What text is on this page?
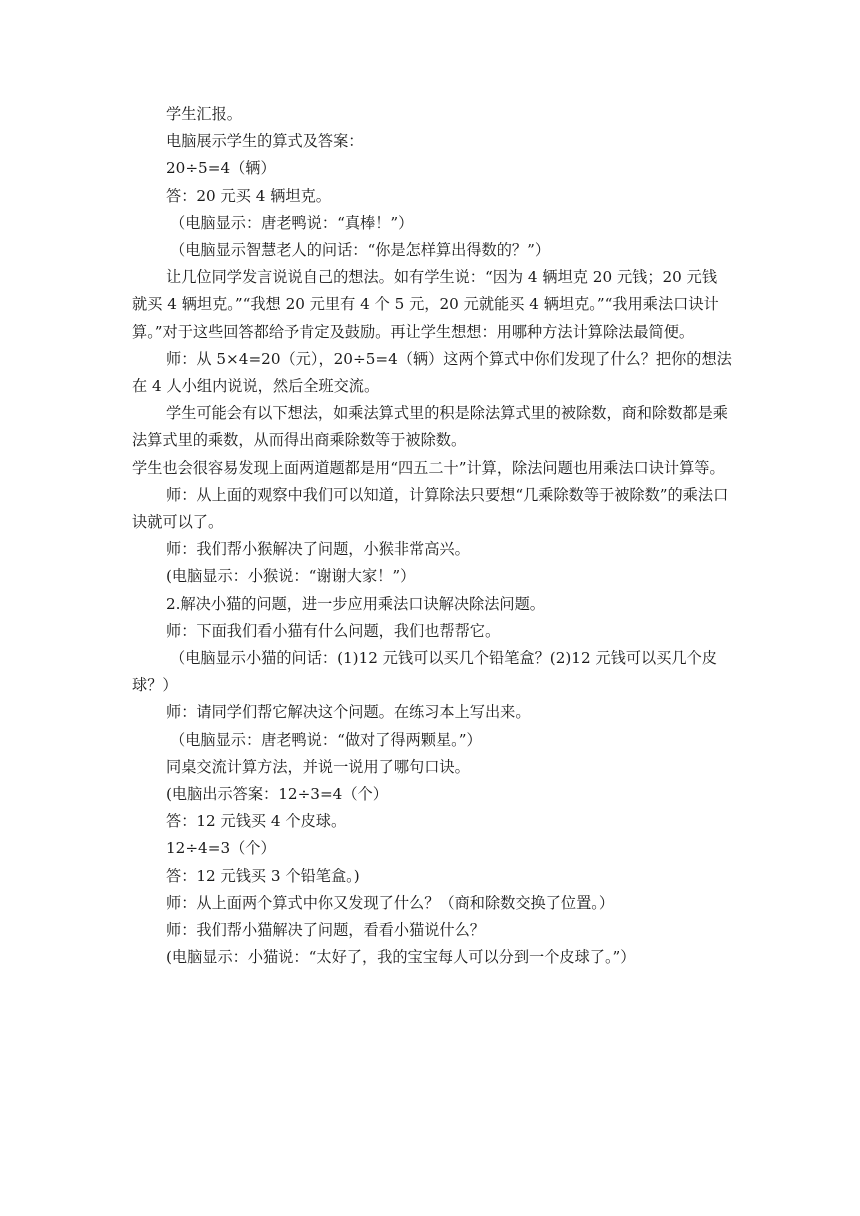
学生汇报。

电脑展示学生的算式及答案：

20÷5=4（辆）

答：20 元买 4 辆坦克。

（电脑显示：唐老鸭说：“真棒！”）

（电脑显示智慧老人的问话：“你是怎样算出得数的？”）

让几位同学发言说说自己的想法。如有学生说：“因为 4 辆坦克 20 元钱；20 元钱就买 4 辆坦克。”“我想 20 元里有 4 个 5 元，20 元就能买 4 辆坦克。”“我用乘法口诀计算。”对于这些回答都给予肯定及鼓励。再让学生想想：用哪种方法计算除法最简便。

师：从 5×4=20（元），20÷5=4（辆）这两个算式中你们发现了什么？把你的想法在 4 人小组内说说，然后全班交流。

学生可能会有以下想法，如乘法算式里的积是除法算式里的被除数，商和除数都是乘法算式里的乘数，从而得出商乘除数等于被除数。

学生也会很容易发现上面两道题都是用“四五二十”计算，除法问题也用乘法口诀计算等。

师：从上面的观察中我们可以知道，计算除法只要想“几乘除数等于被除数”的乘法口诀就可以了。

师：我们帮小猴解决了问题，小猴非常高兴。

(电脑显示：小猴说：“谢谢大家！”）

2.解决小猫的问题，进一步应用乘法口诀解决除法问题。

师：下面我们看小猫有什么问题，我们也帮帮它。

（电脑显示小猫的问话：(1)12 元钱可以买几个铅笔盒？(2)12 元钱可以买几个皮球？）

师：请同学们帮它解决这个问题。在练习本上写出来。

（电脑显示：唐老鸭说：“做对了得两颗星。”）

同桌交流计算方法，并说一说用了哪句口诀。

(电脑出示答案：12÷3=4（个）

答：12 元钱买 4 个皮球。

12÷4=3（个）

答：12 元钱买 3 个铅笔盒。)

师：从上面两个算式中你又发现了什么？（商和除数交换了位置。）

师：我们帮小猫解决了问题，看看小猫说什么？

(电脑显示：小猫说：“太好了，我的宝宝每人可以分到一个皮球了。”）
